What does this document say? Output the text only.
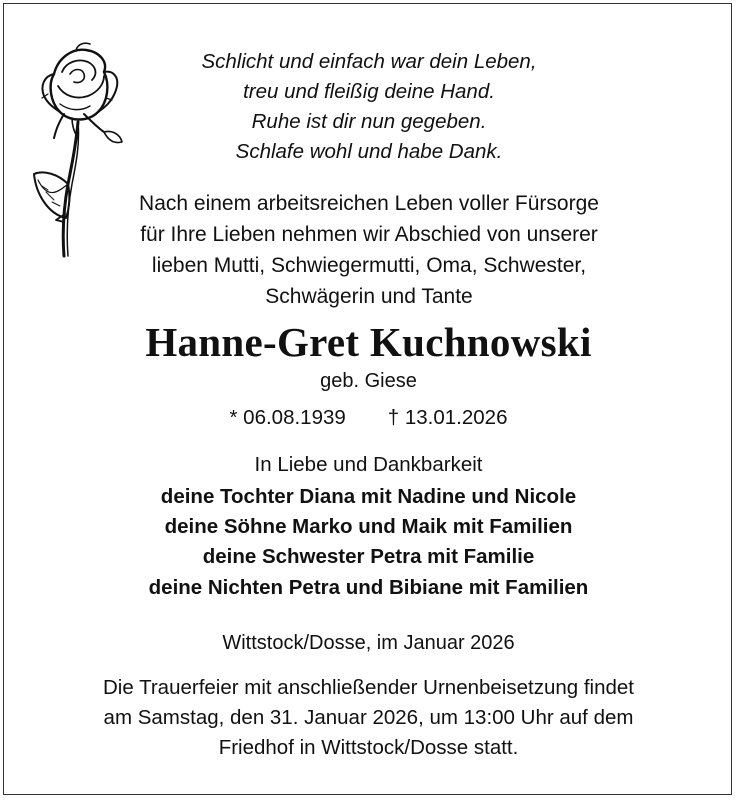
Schlicht und einfach war dein Leben,
treu und fleißig deine Hand.
Ruhe ist dir nun gegeben.
Schlafe wohl und habe Dank.
Nach einem arbeitsreichen Leben voller Fürsorge
für Ihre Lieben nehmen wir Abschied von unserer
lieben Mutti, Schwiegermutti, Oma, Schwester,
Schwägerin und Tante
Hanne-Gret Kuchnowski
geb. Giese
* 06.08.1939 † 13.01.2026
In Liebe und Dankbarkeit
deine Tochter Diana mit Nadine und Nicole
deine Söhne Marko und Maik mit Familien
deine Schwester Petra mit Familie
deine Nichten Petra und Bibiane mit Familien
Wittstock/Dosse, im Januar 2026
Die Trauerfeier mit anschließender Urnenbeisetzung findet
am Samstag, den 31. Januar 2026, um 13:00 Uhr auf dem
Friedhof in Wittstock/Dosse statt.
